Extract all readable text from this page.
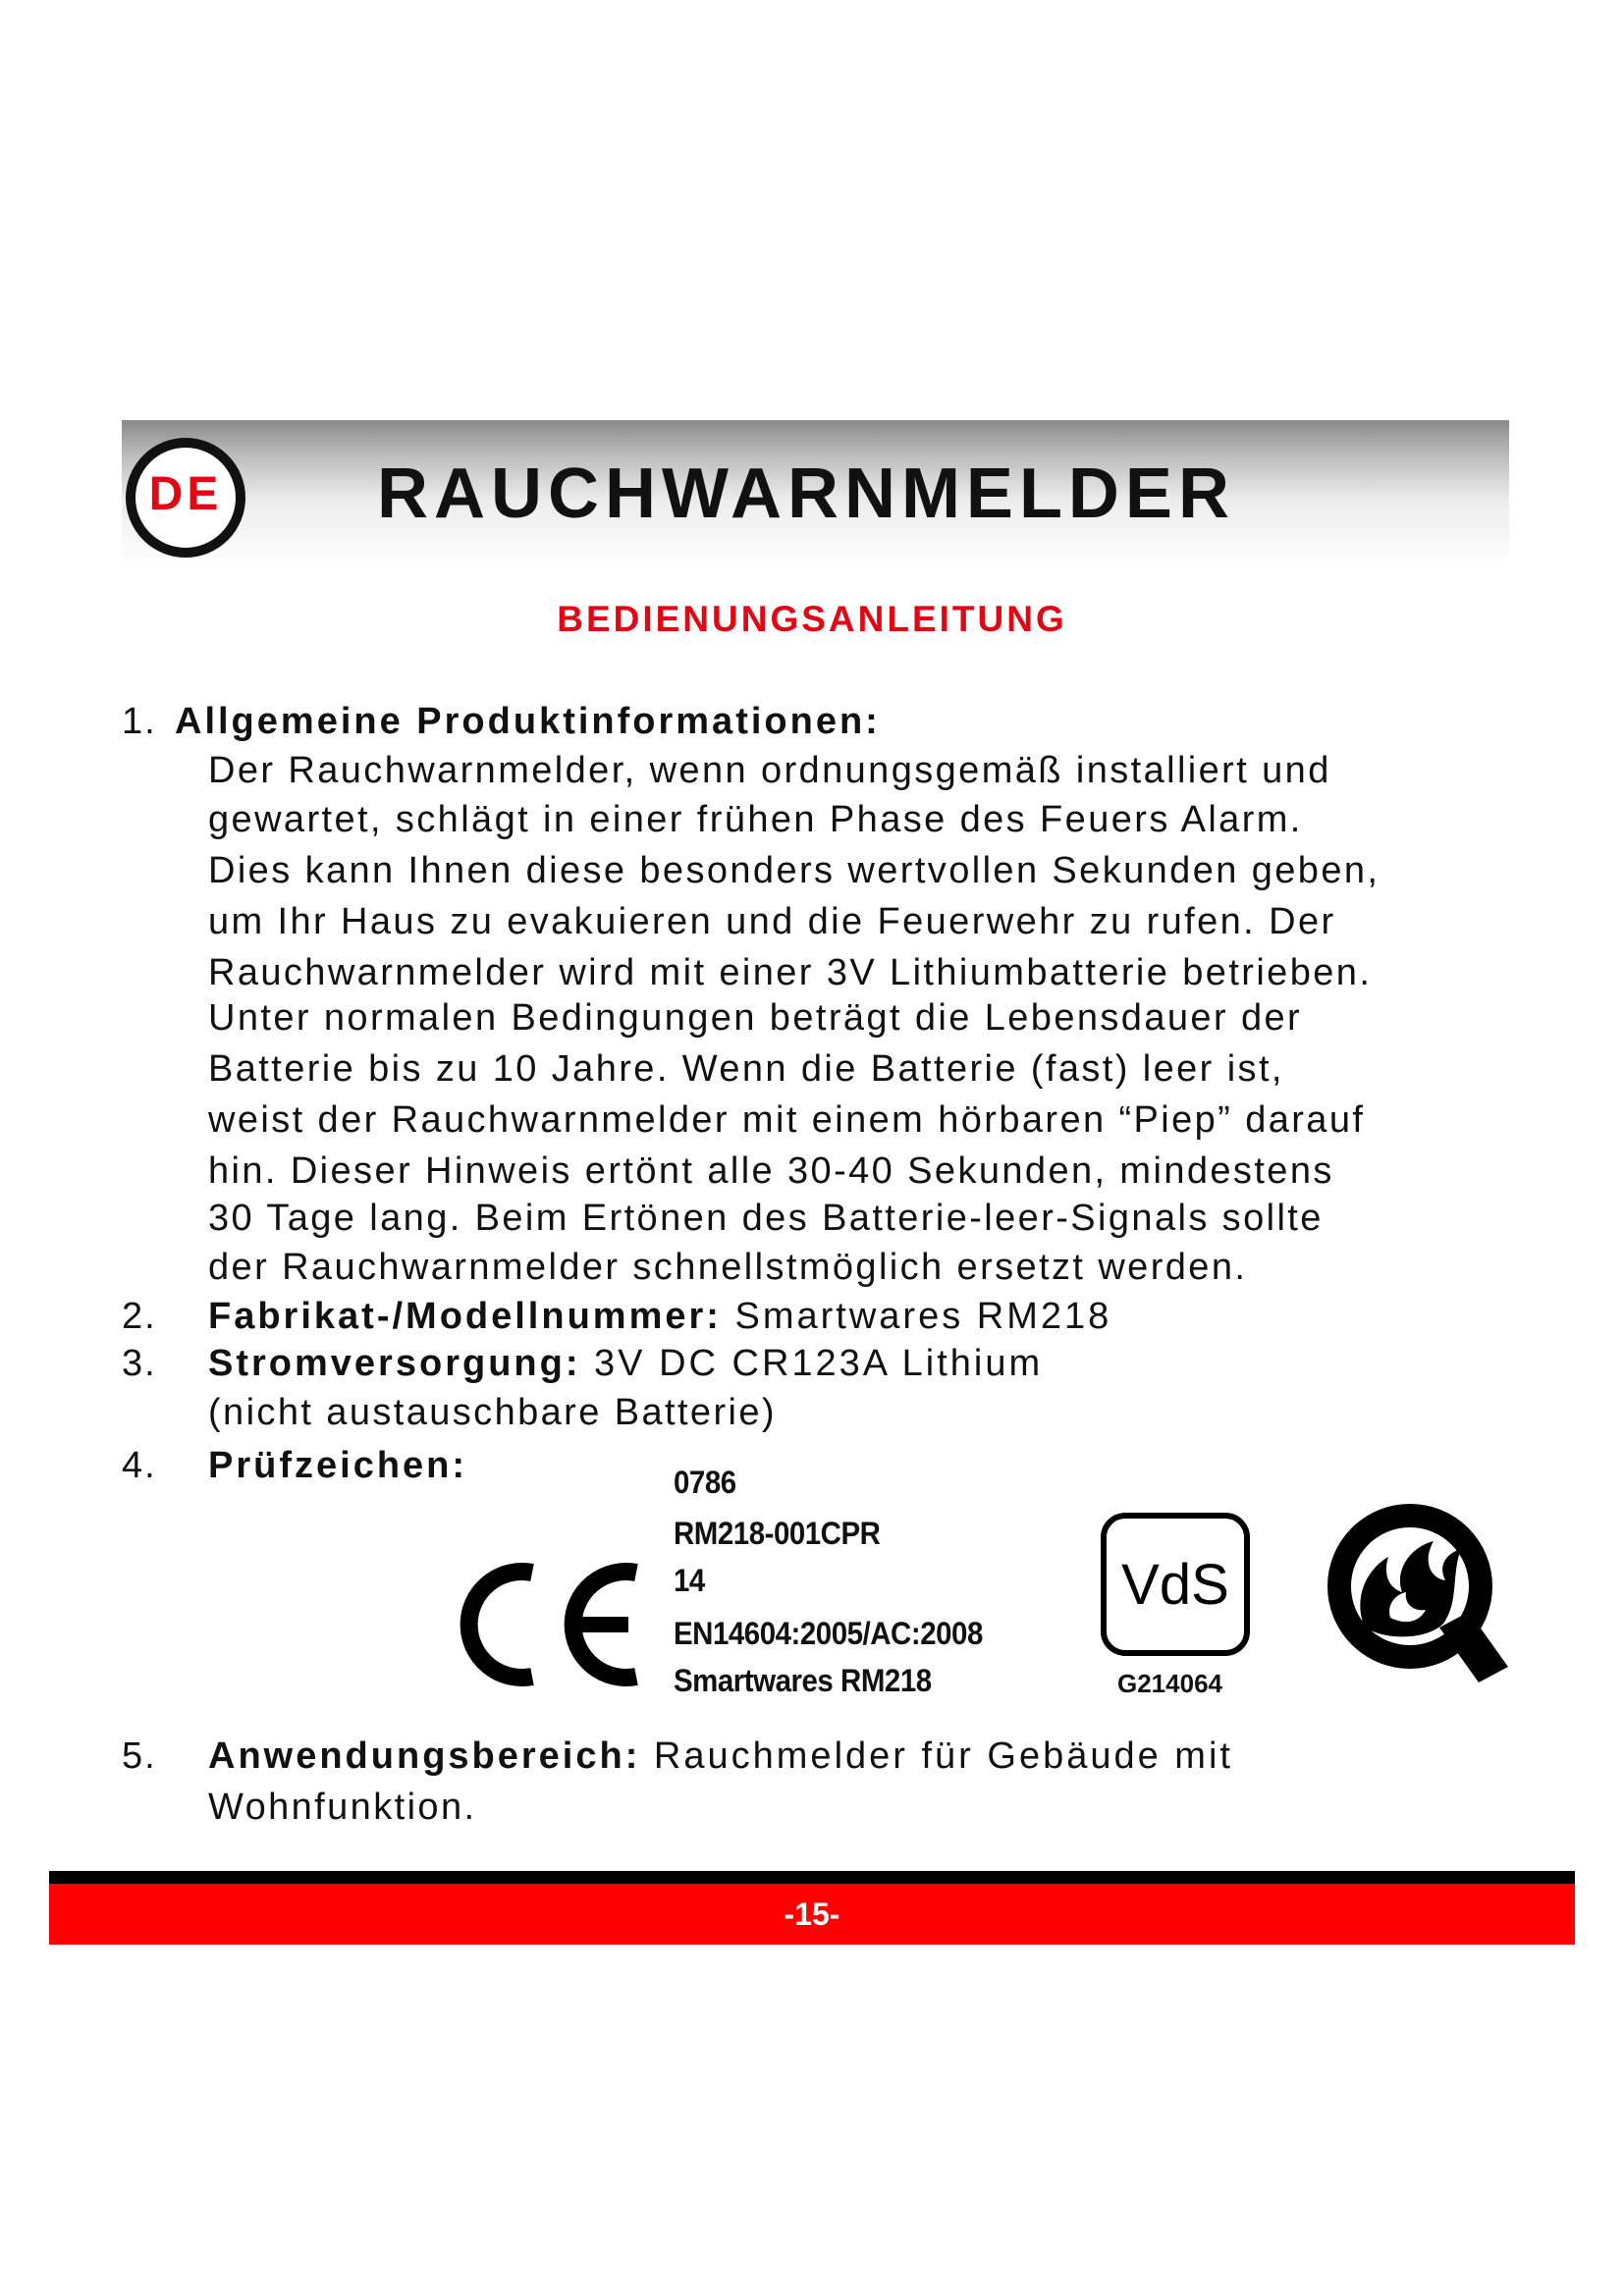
DE RAUCHWARNMELDER
BEDIENUNGSANLEITUNG
1. Allgemeine Produktinformationen:
Der Rauchwarnmelder, wenn ordnungsgemäß installiert und
gewartet, schlägt in einer frühen Phase des Feuers Alarm.
Dies kann Ihnen diese besonders wertvollen Sekunden geben,
um Ihr Haus zu evakuieren und die Feuerwehr zu rufen. Der
Rauchwarnmelder wird mit einer 3V Lithiumbatterie betrieben.
Unter normalen Bedingungen beträgt die Lebensdauer der
Batterie bis zu 10 Jahre. Wenn die Batterie (fast) leer ist,
weist der Rauchwarnmelder mit einem hörbaren “Piep” darauf
hin. Dieser Hinweis ertönt alle 30-40 Sekunden, mindestens
30 Tage lang. Beim Ertönen des Batterie-leer-Signals sollte
der Rauchwarnmelder schnellstmöglich ersetzt werden.
2. Fabrikat-/Modellnummer: Smartwares RM218
3. Stromversorgung: 3V DC CR123A Lithium
(nicht austauschbare Batterie)
4. Prüfzeichen:	0786
RM218-001CPR
14
EN14604:2005/AC:2008
Smartwares RM218
VdS
G214064
5. Anwendungsbereich: Rauchmelder für Gebäude mit
Wohnfunktion.
-15-
